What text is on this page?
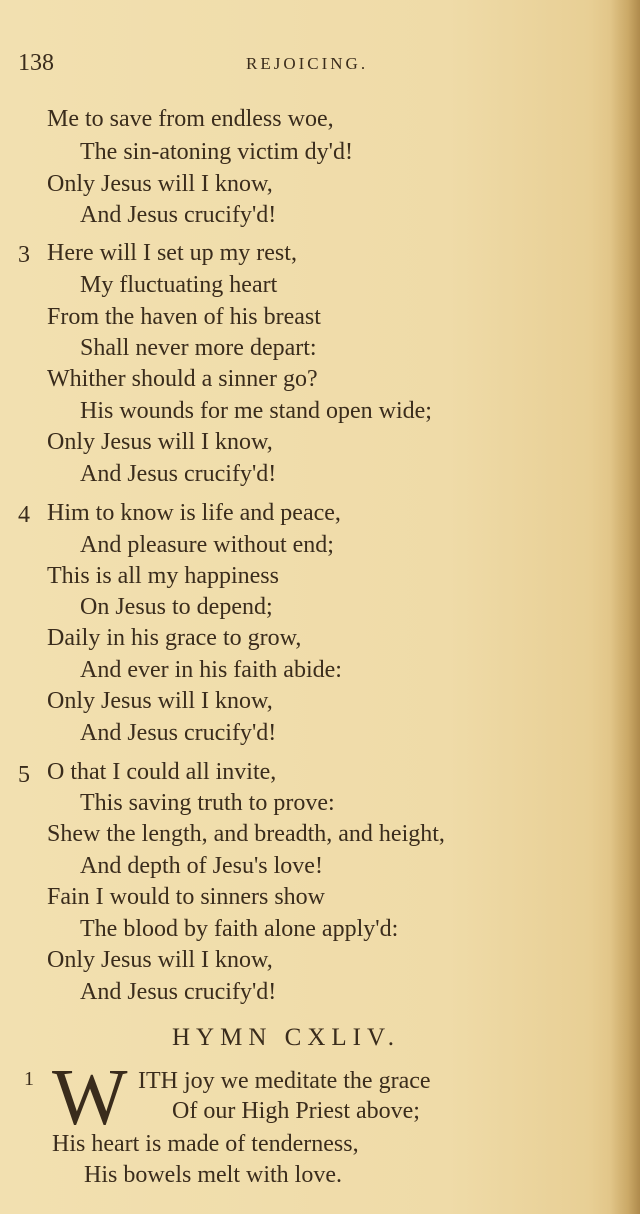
138	REJOICING.
Me to save from endless woe,
The sin-atoning victim dy'd!
Only Jesus will I know,
And Jesus crucify'd!
3 Here will I set up my rest,
My fluctuating heart
From the haven of his breast
Shall never more depart:
Whither should a sinner go?
His wounds for me stand open wide;
Only Jesus will I know,
And Jesus crucify'd!
4 Him to know is life and peace,
And pleasure without end;
This is all my happiness
On Jesus to depend;
Daily in his grace to grow,
And ever in his faith abide:
Only Jesus will I know,
And Jesus crucify'd!
5 O that I could all invite,
This saving truth to prove:
Shew the length, and breadth, and height,
And depth of Jesu's love!
Fain I would to sinners show
The blood by faith alone apply'd:
Only Jesus will I know,
And Jesus crucify'd!
HYMN CXLIV.
1 W ITH joy we meditate the grace
Of our High Priest above;
His heart is made of tenderness,
His bowels melt with love.
